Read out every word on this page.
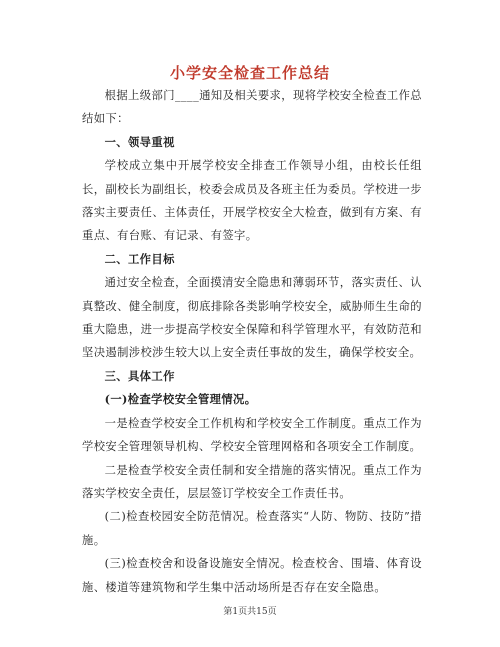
小学安全检查工作总结

根据上级部门____通知及相关要求，现将学校安全检查工作总结如下：

一、领导重视

学校成立集中开展学校安全排查工作领导小组，由校长任组长，副校长为副组长，校委会成员及各班主任为委员。学校进一步落实主要责任、主体责任，开展学校安全大检查，做到有方案、有重点、有台账、有记录、有签字。

二、工作目标

通过安全检查，全面摸清安全隐患和薄弱环节，落实责任、认真整改、健全制度，彻底排除各类影响学校安全，威胁师生生命的重大隐患，进一步提高学校安全保障和科学管理水平，有效防范和坚决遏制涉校涉生较大以上安全责任事故的发生，确保学校安全。

三、具体工作

(一)检查学校安全管理情况。

一是检查学校安全工作机构和学校安全工作制度。重点工作为学校安全管理领导机构、学校安全管理网格和各项安全工作制度。

二是检查学校安全责任制和安全措施的落实情况。重点工作为落实学校安全责任，层层签订学校安全工作责任书。

(二)检查校园安全防范情况。检查落实“人防、物防、技防”措施。

(三)检查校舍和设备设施安全情况。检查校舍、围墙、体育设施、楼道等建筑物和学生集中活动场所是否存在安全隐患。

第1页共15页
